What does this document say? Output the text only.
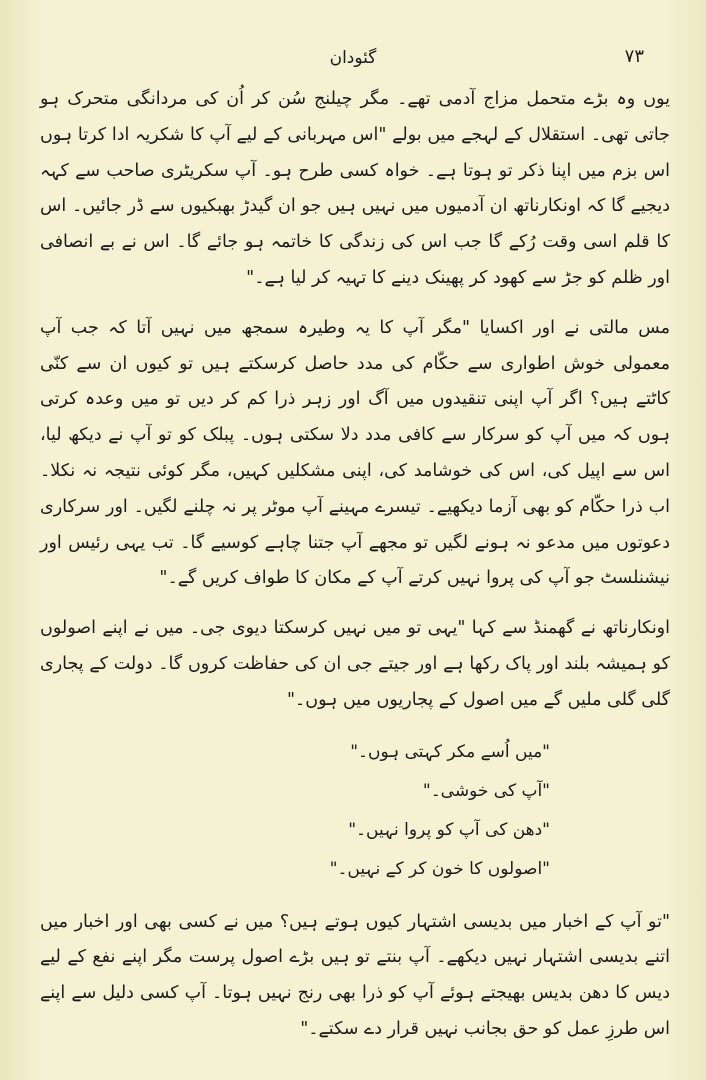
گئودان	۷۳

یوں وہ بڑے متحمل مزاج آدمی تھے۔ مگر چیلنج سُن کر اُن کی مردانگی متحرک ہو جاتی تھی۔ استقلال کے لہجے میں بولے "اس مہربانی کے لیے آپ کا شکریہ ادا کرتا ہوں اس بزم میں اپنا ذکر تو ہوتا ہے۔ خواہ کسی طرح ہو۔ آپ سکریٹری صاحب سے کہہ دیجیے گا کہ اونکارناتھ ان آدمیوں میں نہیں ہیں جو ان گیدڑ بھبکیوں سے ڈر جائیں۔ اس کا قلم اسی وقت رُکے گا جب اس کی زندگی کا خاتمہ ہو جائے گا۔ اس نے بے انصافی اور ظلم کو جڑ سے کھود کر پھینک دینے کا تہیہ کر لیا ہے۔"

مس مالتی نے اور اکسایا "مگر آپ کا یہ وطیرہ سمجھ میں نہیں آتا کہ جب آپ معمولی خوش اطواری سے حکّام کی مدد حاصل کرسکتے ہیں تو کیوں ان سے کنّی کاٹتے ہیں؟ اگر آپ اپنی تنقیدوں میں آگ اور زہر ذرا کم کر دیں تو میں وعدہ کرتی ہوں کہ میں آپ کو سرکار سے کافی مدد دلا سکتی ہوں۔ پبلک کو تو آپ نے دیکھ لیا، اس سے اپیل کی، اس کی خوشامد کی، اپنی مشکلیں کہیں، مگر کوئی نتیجہ نہ نکلا۔ اب ذرا حکّام کو بھی آزما دیکھیے۔ تیسرے مہینے آپ موٹر پر نہ چلنے لگیں۔ اور سرکاری دعوتوں میں مدعو نہ ہونے لگیں تو مجھے آپ جتنا چاہے کوسیے گا۔ تب یہی رئیس اور نیشنلسٹ جو آپ کی پروا نہیں کرتے آپ کے مکان کا طواف کریں گے۔"

اونکارناتھ نے گھمنڈ سے کہا "یہی تو میں نہیں کرسکتا دیوی جی۔ میں نے اپنے اصولوں کو ہمیشہ بلند اور پاک رکھا ہے اور جیتے جی ان کی حفاظت کروں گا۔ دولت کے پجاری گلی گلی ملیں گے میں اصول کے پجاریوں میں ہوں۔"

"میں اُسے مکر کہتی ہوں۔"

"آپ کی خوشی۔"

"دھن کی آپ کو پروا نہیں۔"

"اصولوں کا خون کر کے نہیں۔"

"تو آپ کے اخبار میں بدیسی اشتہار کیوں ہوتے ہیں؟ میں نے کسی بھی اور اخبار میں اتنے بدیسی اشتہار نہیں دیکھے۔ آپ بنتے تو ہیں بڑے اصول پرست مگر اپنے نفع کے لیے دیس کا دھن بدیس بھیجتے ہوئے آپ کو ذرا بھی رنج نہیں ہوتا۔ آپ کسی دلیل سے اپنے اس طرزِ عمل کو حق بجانب نہیں قرار دے سکتے۔"
